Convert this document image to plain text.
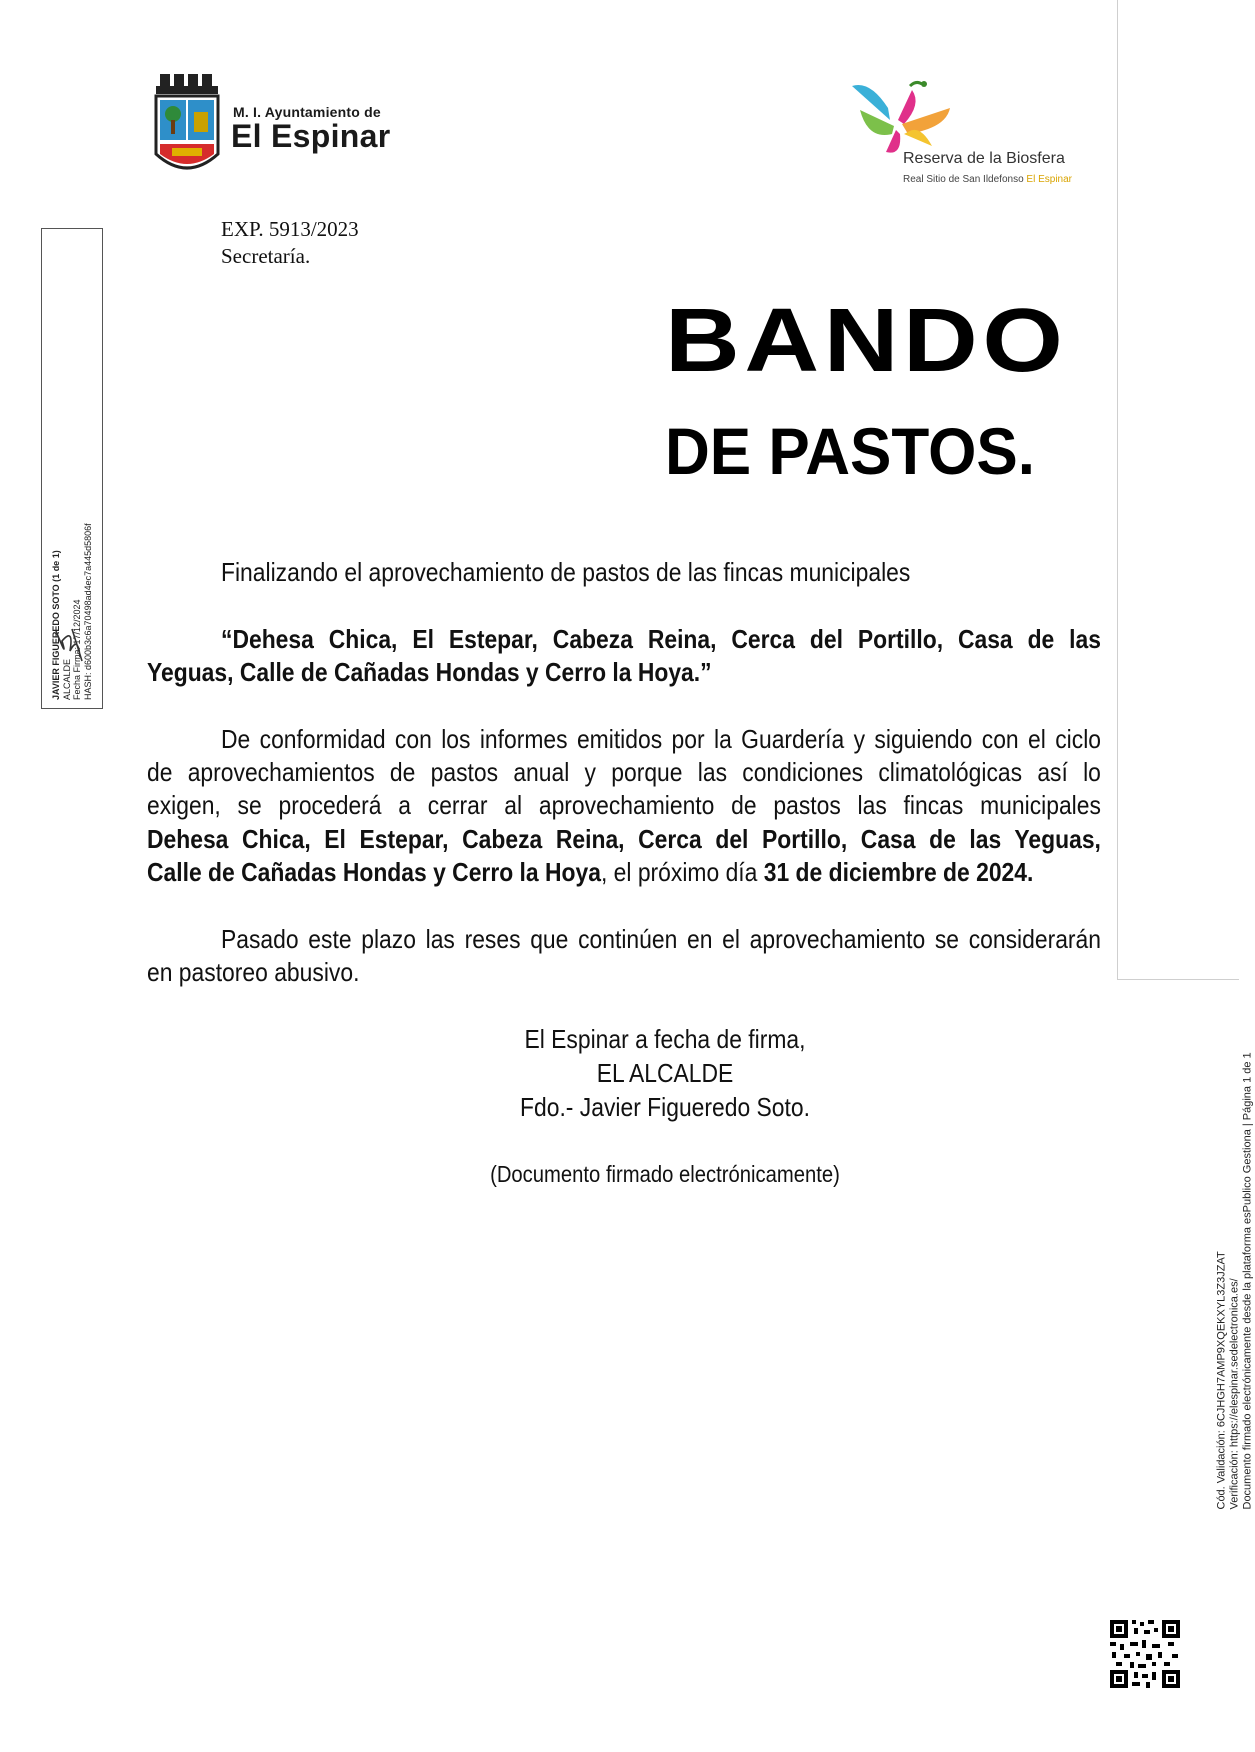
M. I. Ayuntamiento de
El Espinar
Reserva de la Biosfera
Real Sitio de San Ildefonso El Espinar
EXP. 5913/2023
Secretaría.
BANDO
DE PASTOS.
Finalizando el aprovechamiento de pastos de las fincas municipales
“Dehesa Chica, El Estepar, Cabeza Reina, Cerca del Portillo, Casa de las
Yeguas, Calle de Cañadas Hondas y Cerro la Hoya.”
De conformidad con los informes emitidos por la Guardería y siguiendo con el ciclo
de aprovechamientos de pastos anual y porque las condiciones climatológicas así lo
exigen, se procederá a cerrar al aprovechamiento de pastos las fincas municipales
Dehesa Chica, El Estepar, Cabeza Reina, Cerca del Portillo, Casa de las Yeguas,
Calle de Cañadas Hondas y Cerro la Hoya, el próximo día 31 de diciembre de 2024.
Pasado este plazo las reses que continúen en el aprovechamiento se considerarán
en pastoreo abusivo.
El Espinar a fecha de firma,
EL ALCALDE
Fdo.- Javier Figueredo Soto.
(Documento firmado electrónicamente)
JAVIER FIGUEREDO SOTO (1 de 1) ALCALDE Fecha Firma: 17/12/2024 HASH: d600b3c6a70498ad4ec7a445d5806f
Cód. Validación: 6CJHGH7AMP9XQEKXYL3Z3JZAT Verificación: https://elespinar.sedelectronica.es/ Documento firmado electrónicamente desde la plataforma esPublico Gestiona | Página 1 de 1
